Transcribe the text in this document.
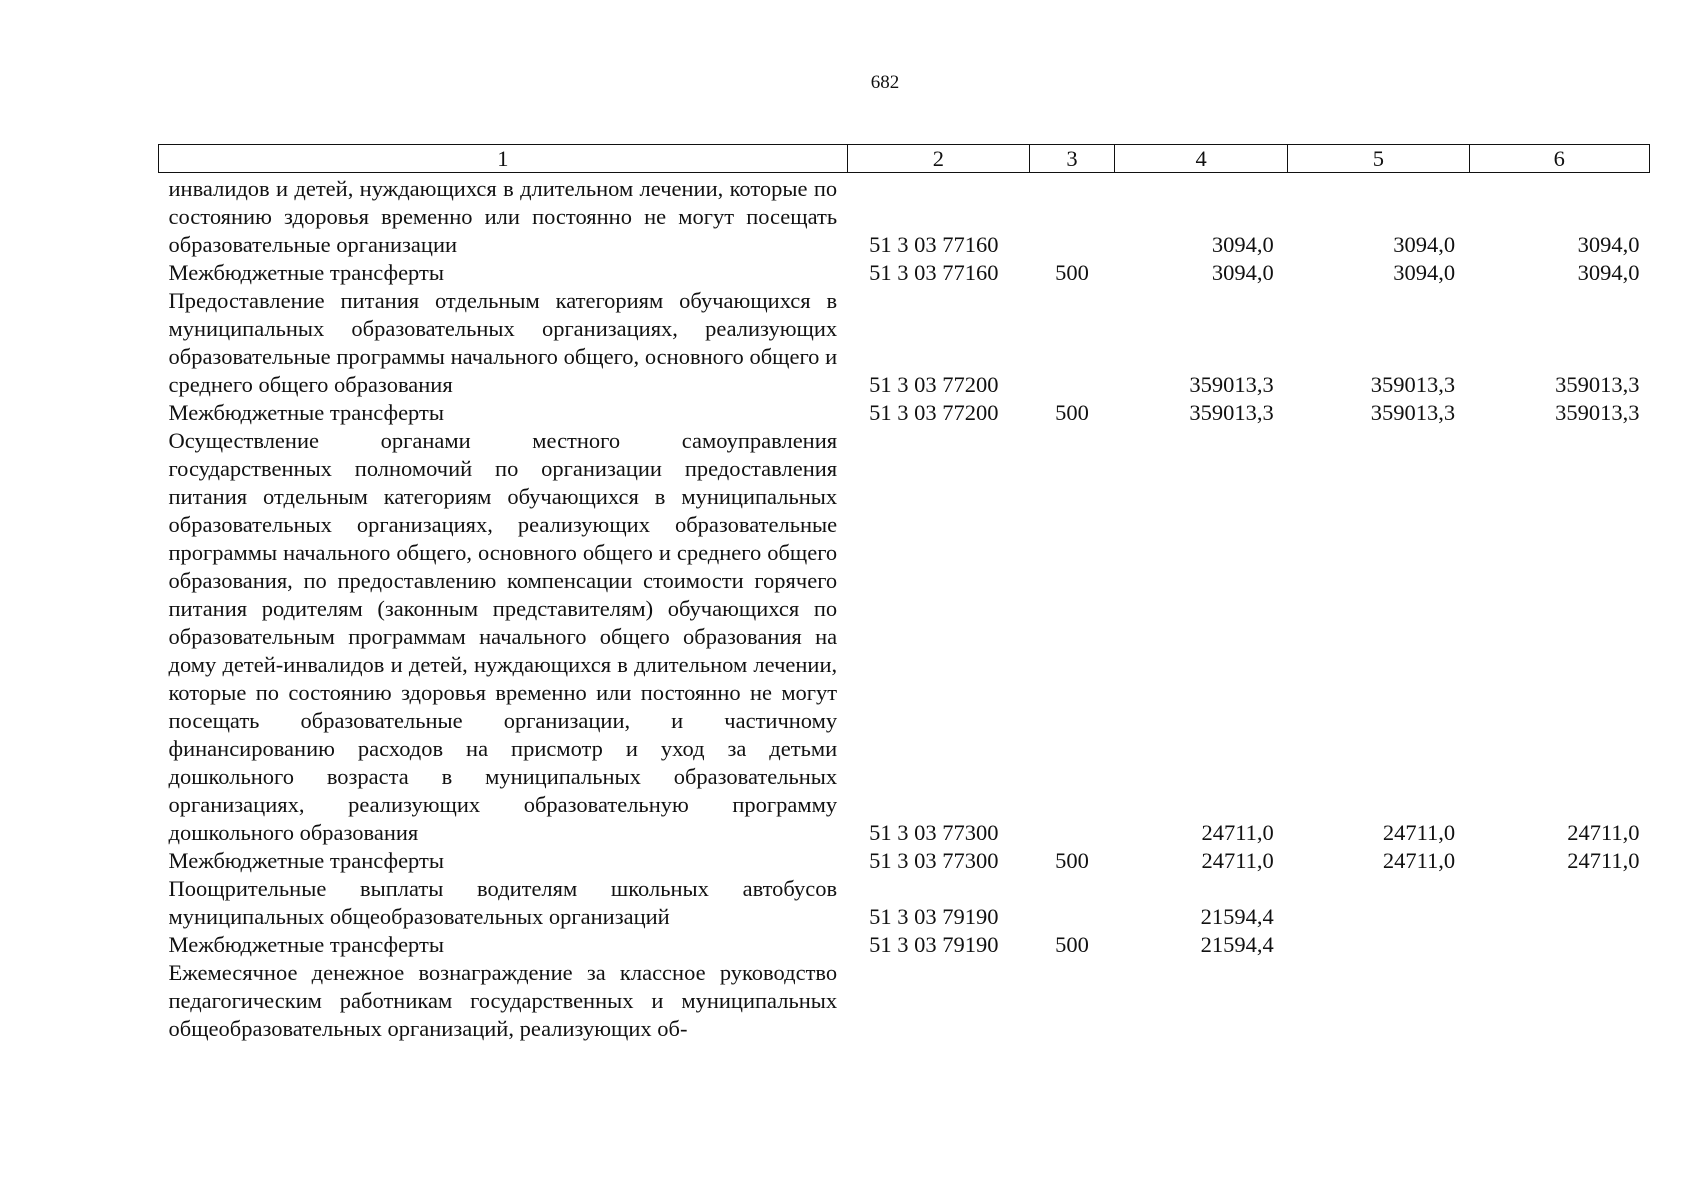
682
1	2	3	4	5	6
инвалидов и детей, нуждающихся в длительном лечении, которые по состоянию здоровья временно или постоянно не могут посещать образовательные организации	51 3 03 77160		3094,0	3094,0	3094,0
Межбюджетные трансферты	51 3 03 77160	500	3094,0	3094,0	3094,0
Предоставление питания отдельным категориям обучающихся в муниципальных образовательных организациях, реализующих образовательные программы начального общего, основного общего и среднего общего образования	51 3 03 77200		359013,3	359013,3	359013,3
Межбюджетные трансферты	51 3 03 77200	500	359013,3	359013,3	359013,3
Осуществление органами местного самоуправления государственных полномочий по организации предоставления питания отдельным категориям обучающихся в муниципальных образовательных организациях, реализующих образовательные программы начального общего, основного общего и среднего общего образования, по предоставлению компенсации стоимости горячего питания родителям (законным представителям) обучающихся по образовательным программам начального общего образования на дому детей-инвалидов и детей, нуждающихся в длительном лечении, которые по состоянию здоровья временно или постоянно не могут посещать образовательные организации, и частичному финансированию расходов на присмотр и уход за детьми дошкольного возраста в муниципальных образовательных организациях, реализующих образовательную программу дошкольного образования	51 3 03 77300		24711,0	24711,0	24711,0
Межбюджетные трансферты	51 3 03 77300	500	24711,0	24711,0	24711,0
Поощрительные выплаты водителям школьных автобусов муниципальных общеобразовательных организаций	51 3 03 79190		21594,4		
Межбюджетные трансферты	51 3 03 79190	500	21594,4		
Ежемесячное денежное вознаграждение за классное руководство педагогическим работникам государственных и муниципальных общеобразовательных организаций, реализующих об-					
